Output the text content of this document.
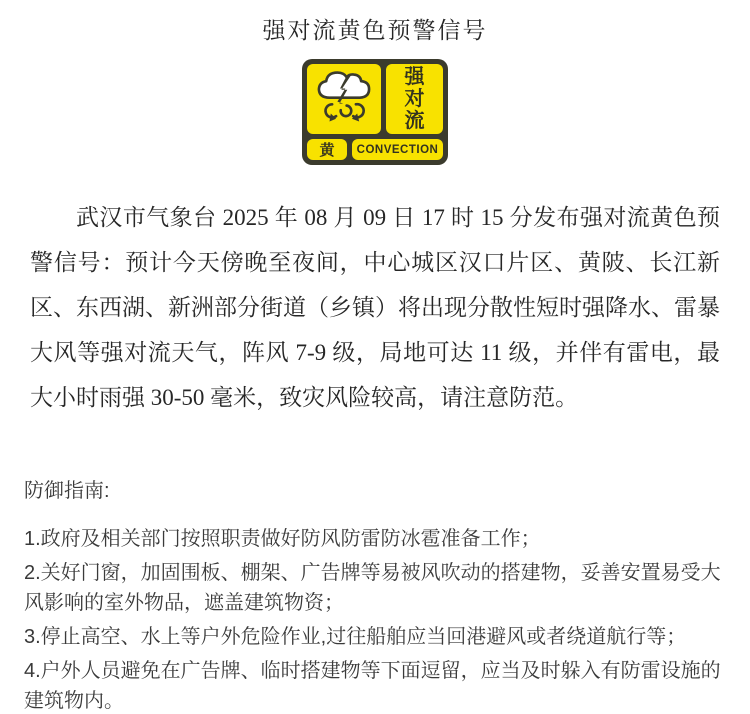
强对流黄色预警信号
强
对
流
黄	CONVECTION

武汉市气象台 2025 年 08 月 09 日 17 时 15 分发布强对流黄色预警信号：预计今天傍晚至夜间，中心城区汉口片区、黄陂、长江新区、东西湖、新洲部分街道（乡镇）将出现分散性短时强降水、雷暴大风等强对流天气，阵风 7-9 级，局地可达 11 级，并伴有雷电，最大小时雨强 30-50 毫米，致灾风险较高，请注意防范。

防御指南:
1.政府及相关部门按照职责做好防风防雷防冰雹准备工作；
2.关好门窗，加固围板、棚架、广告牌等易被风吹动的搭建物，妥善安置易受大风影响的室外物品，遮盖建筑物资；
3.停止高空、水上等户外危险作业,过往船舶应当回港避风或者绕道航行等；
4.户外人员避免在广告牌、临时搭建物等下面逗留，应当及时躲入有防雷设施的建筑物内。
